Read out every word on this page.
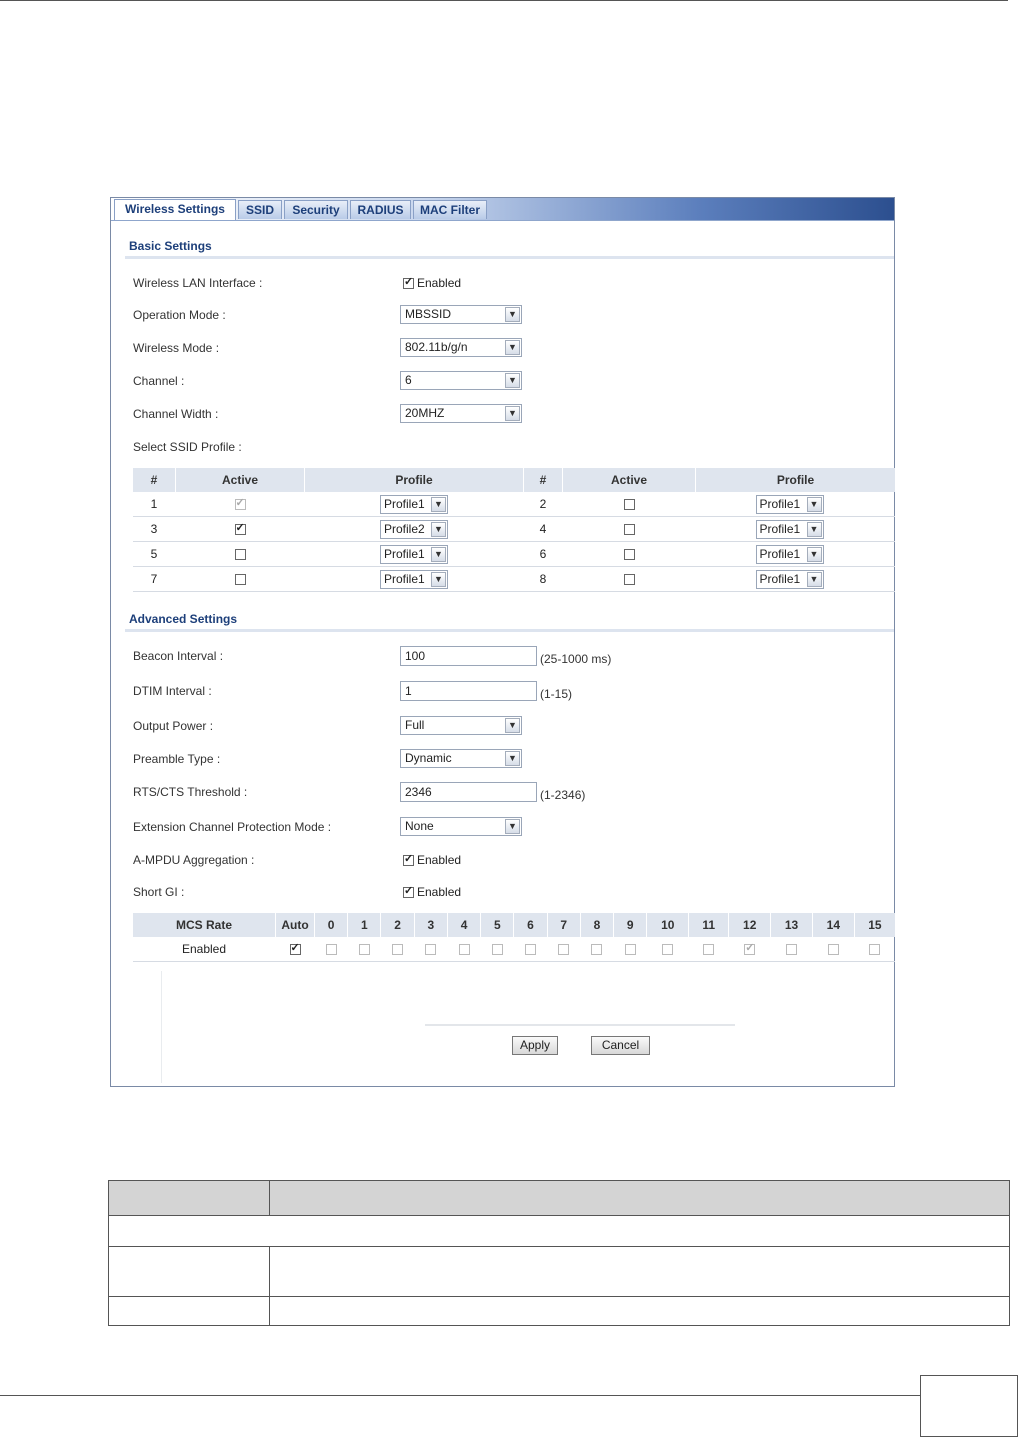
Wireless Settings	SSID	Security	RADIUS	MAC Filter
Basic Settings
Wireless LAN Interface : ✓	Enabled
Operation Mode :	MBSSID	▼
Wireless Mode :	802.11b/g/n	▼
Channel :	6	▼
Channel Width :	20MHZ	▼
Select SSID Profile :
#	Active	Profile	#	Active	Profile
1	✓	Profile1 ▼	2		Profile1 ▼

3	✓	Profile2 ▼	4		Profile1 ▼

5		Profile1 ▼	6		Profile1 ▼

7		Profile1 ▼	8		Profile1 ▼
Advanced Settings
Beacon Interval :	100	(25-1000 ms)
DTIM Interval :	1	(1-15)
Output Power :	Full	▼
Preamble Type :	Dynamic	▼
RTS/CTS Threshold :	2346	(1-2346)
Extension Channel Protection Mode :	None	▼
A-MPDU Aggregation : ✓	Enabled
Short GI : ✓	Enabled
MCS Rate	Auto	0	1	2	3	4	5	6	7	8	9	10	11	12	13	14	15
Enabled	✓													✓			
Apply	Cancel
